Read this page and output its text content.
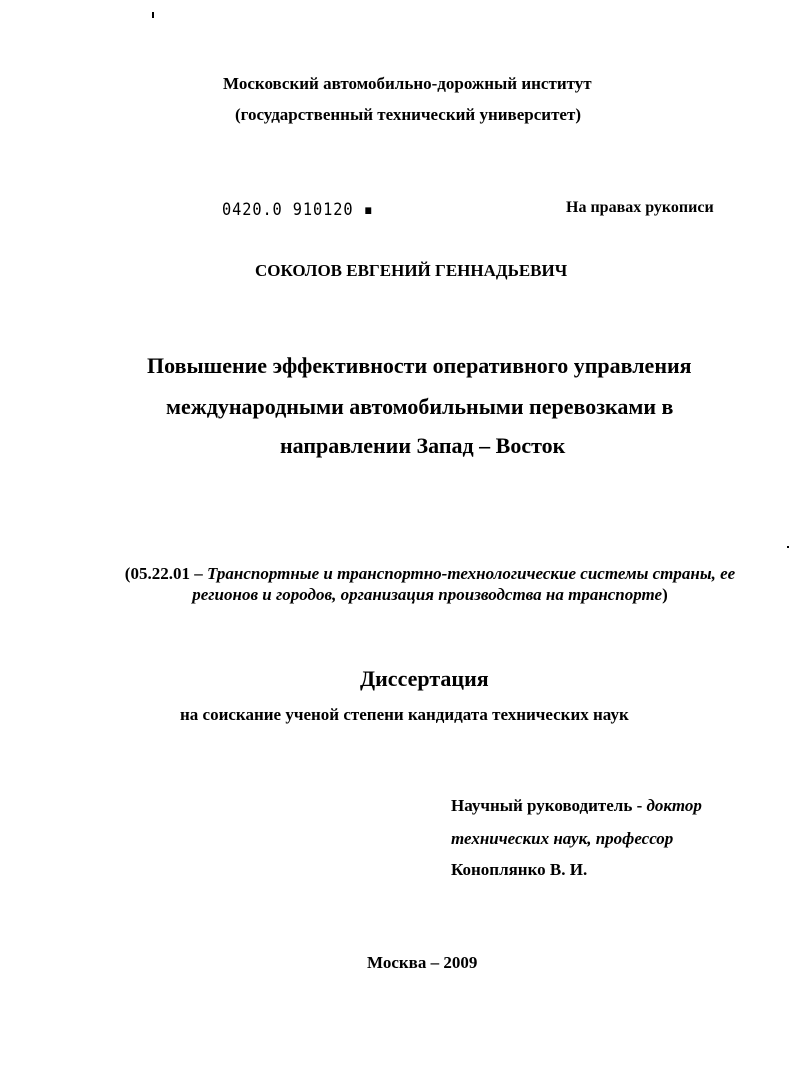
Московский автомобильно-дорожный институт
(государственный технический университет)
0420.0 910120 ▪	На правах рукописи
СОКОЛОВ ЕВГЕНИЙ ГЕННАДЬЕВИЧ
Повышение эффективности оперативного управления
международными автомобильными перевозками в
направлении Запад – Восток
(05.22.01 – Транспортные и транспортно-технологические системы страны, ее регионов и городов, организация производства на транспорте)
Диссертация
на соискание ученой степени кандидата технических наук
Научный руководитель - доктор
технических наук, профессор
Коноплянко В. И.
Москва – 2009
